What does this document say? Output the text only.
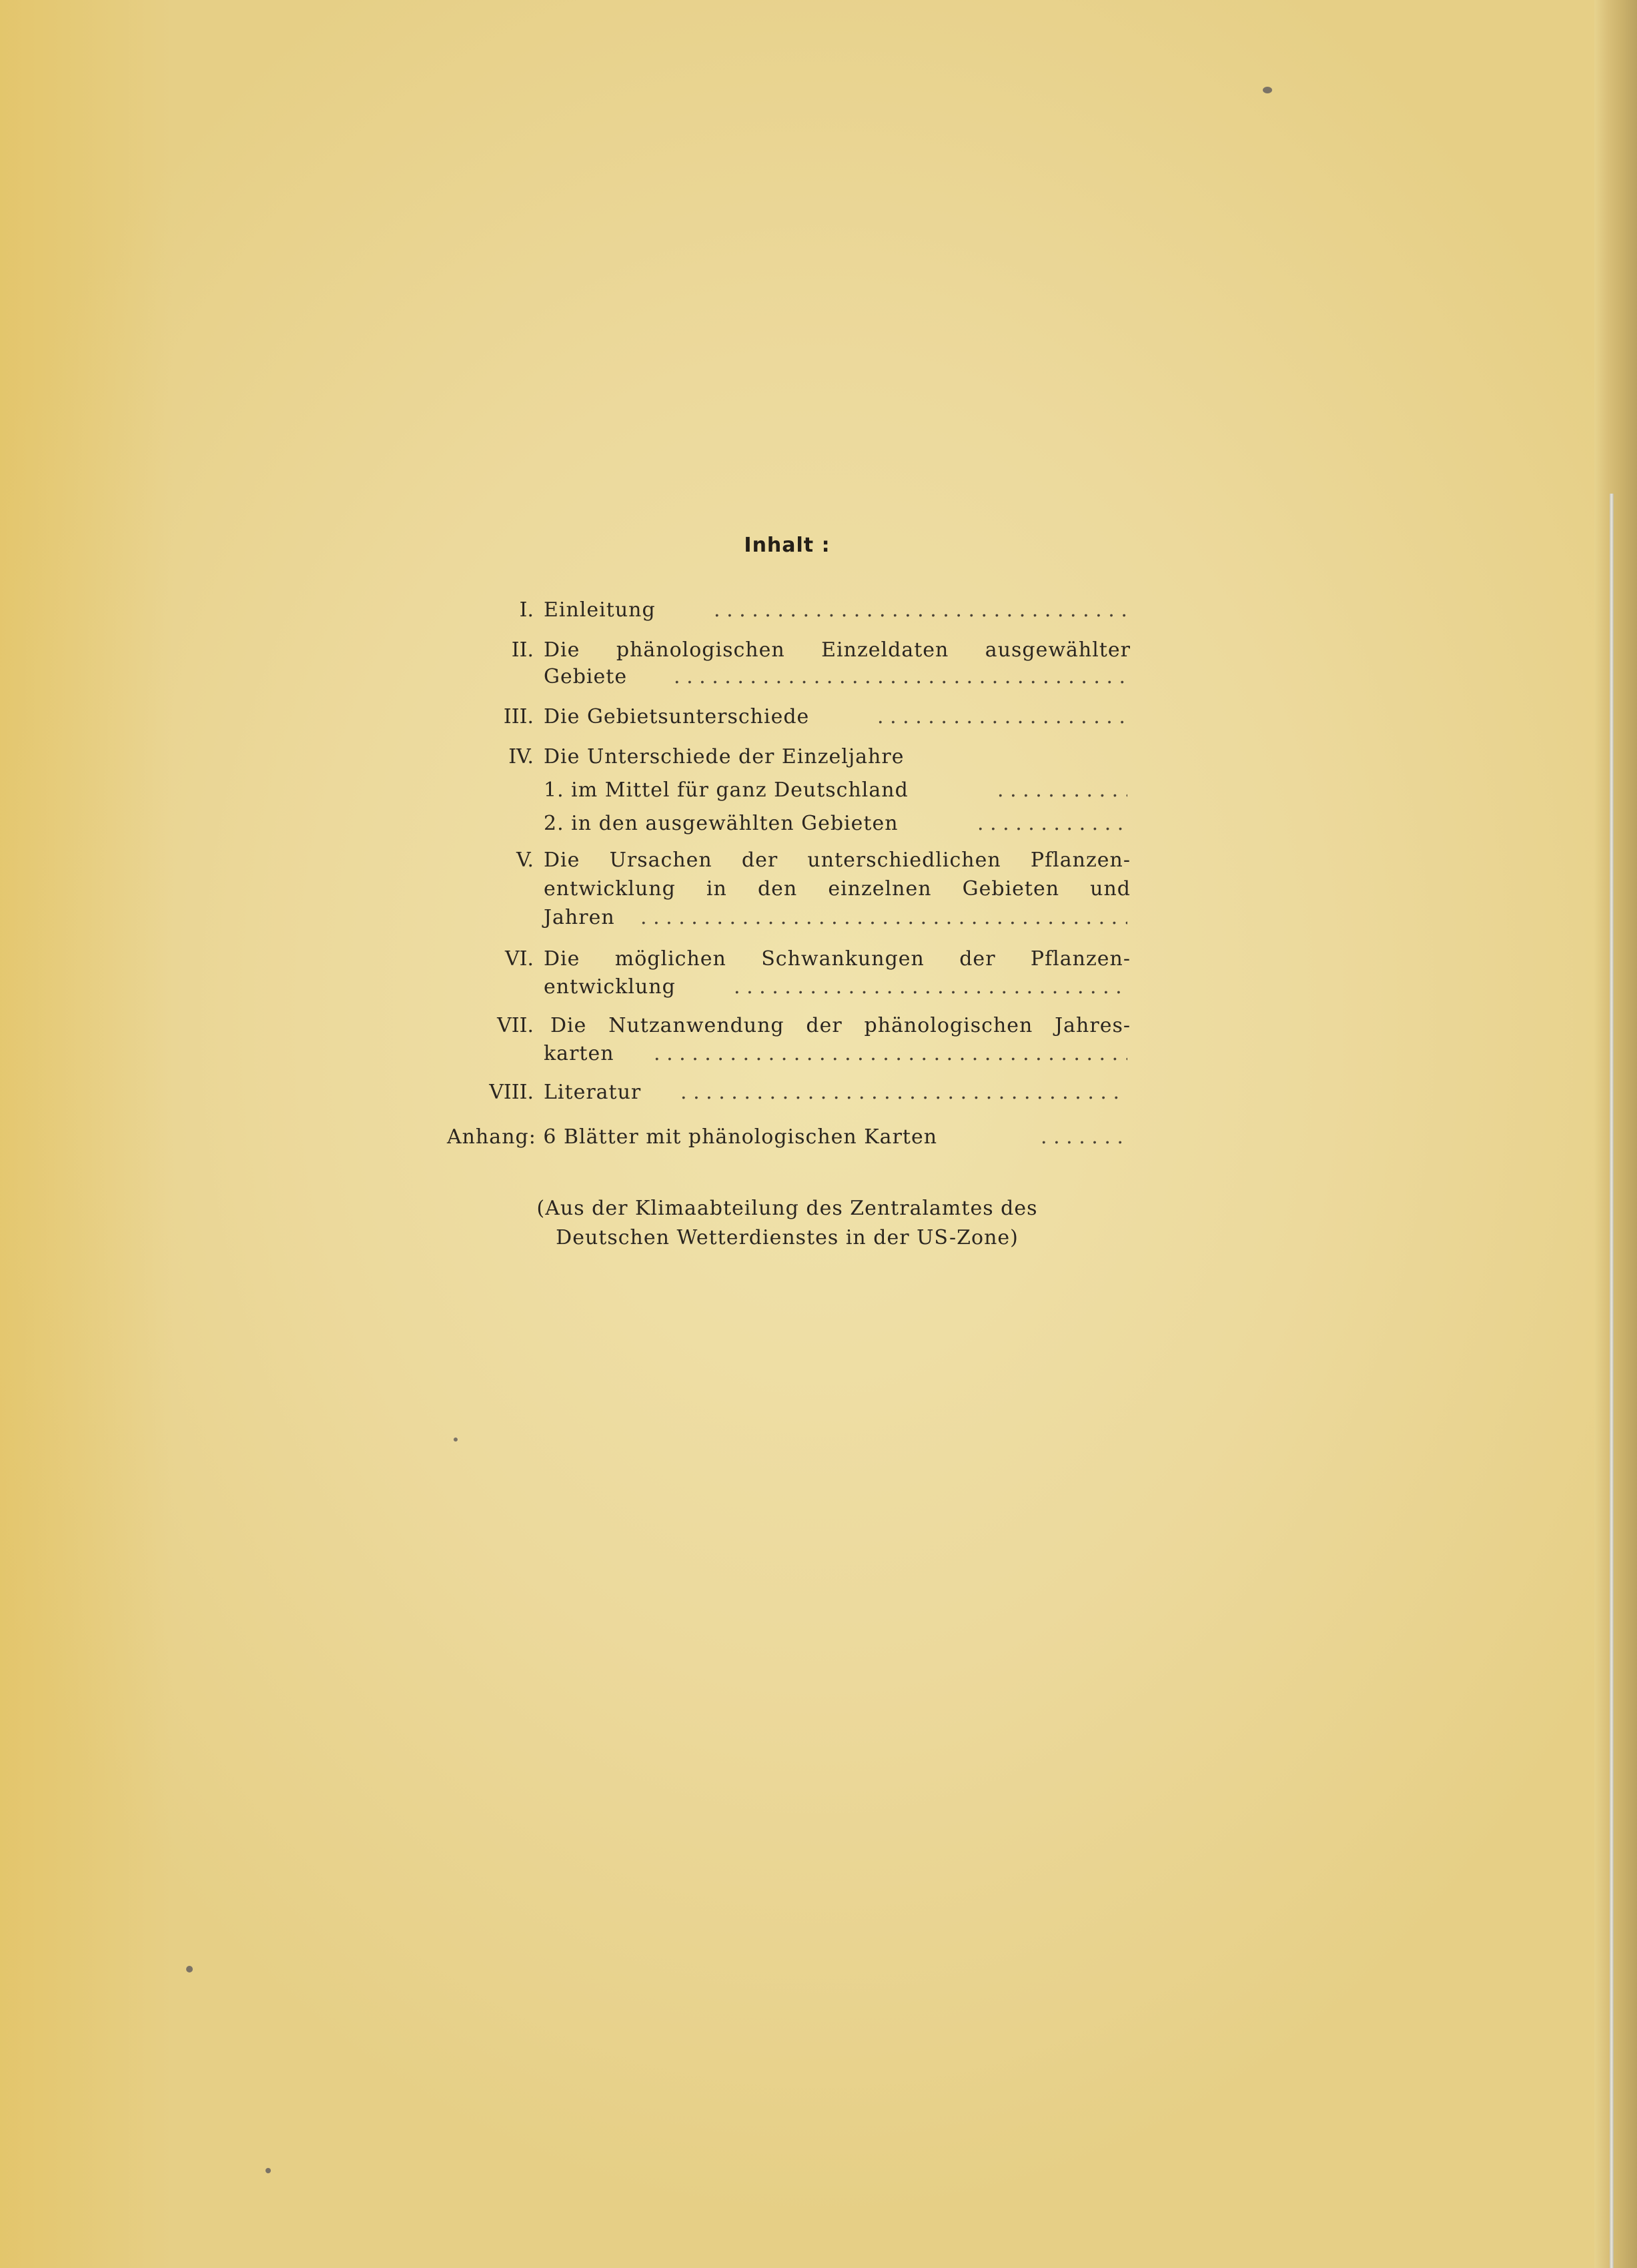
Inhalt :
I. Einleitung
. . .
II. Die phänologischen Einzeldaten ausgewählter
Gebiete
. . .
III. Die Gebietsunterschiede
. . .
IV. Die Unterschiede der Einzeljahre
1. im Mittel für ganz Deutschland
. . .
2. in den ausgewählten Gebieten
. . .
V. Die Ursachen der unterschiedlichen Pflanzen-
entwicklung in den einzelnen Gebieten und
Jahren
. . .
VI. Die möglichen Schwankungen der Pflanzen-
entwicklung
. . .
VII. Die Nutzanwendung der phänologischen Jahres-
karten
. . .
VIII. Literatur
. . .
Anhang: 6 Blätter mit phänologischen Karten
. . .
(Aus der Klimaabteilung des Zentralamtes des
Deutschen Wetterdienstes in der US-Zone)
